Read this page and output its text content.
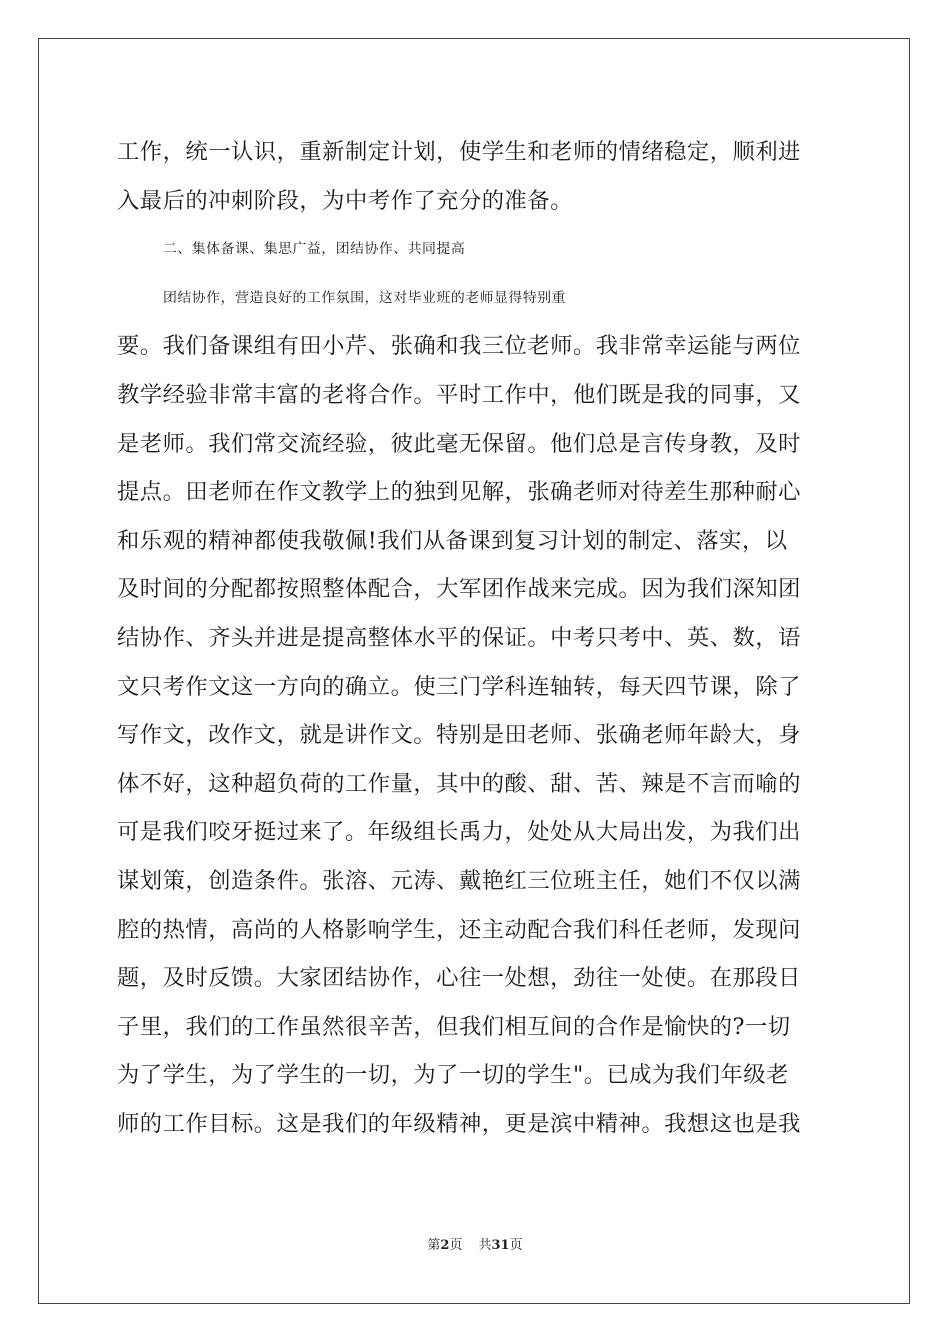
工作，统一认识，重新制定计划，使学生和老师的情绪稳定，顺利进
入最后的冲刺阶段，为中考作了充分的准备。
二、集体备课、集思广益，团结协作、共同提高
团结协作，营造良好的工作氛围，这对毕业班的老师显得特别重
要。我们备课组有田小芹、张确和我三位老师。我非常幸运能与两位
教学经验非常丰富的老将合作。平时工作中，他们既是我的同事，又
是老师。我们常交流经验，彼此毫无保留。他们总是言传身教，及时
提点。田老师在作文教学上的独到见解，张确老师对待差生那种耐心
和乐观的精神都使我敬佩!我们从备课到复习计划的制定、落实，以
及时间的分配都按照整体配合，大军团作战来完成。因为我们深知团
结协作、齐头并进是提高整体水平的保证。中考只考中、英、数，语
文只考作文这一方向的确立。使三门学科连轴转，每天四节课，除了
写作文，改作文，就是讲作文。特别是田老师、张确老师年龄大，身
体不好，这种超负荷的工作量，其中的酸、甜、苦、辣是不言而喻的
可是我们咬牙挺过来了。年级组长禹力，处处从大局出发，为我们出
谋划策，创造条件。张溶、元涛、戴艳红三位班主任，她们不仅以满
腔的热情，高尚的人格影响学生，还主动配合我们科任老师，发现问
题，及时反馈。大家团结协作，心往一处想，劲往一处使。在那段日
子里，我们的工作虽然很辛苦，但我们相互间的合作是愉快的?一切
为了学生，为了学生的一切，为了一切的学生"。已成为我们年级老
师的工作目标。这是我们的年级精神，更是滨中精神。我想这也是我
第2页 共31页
